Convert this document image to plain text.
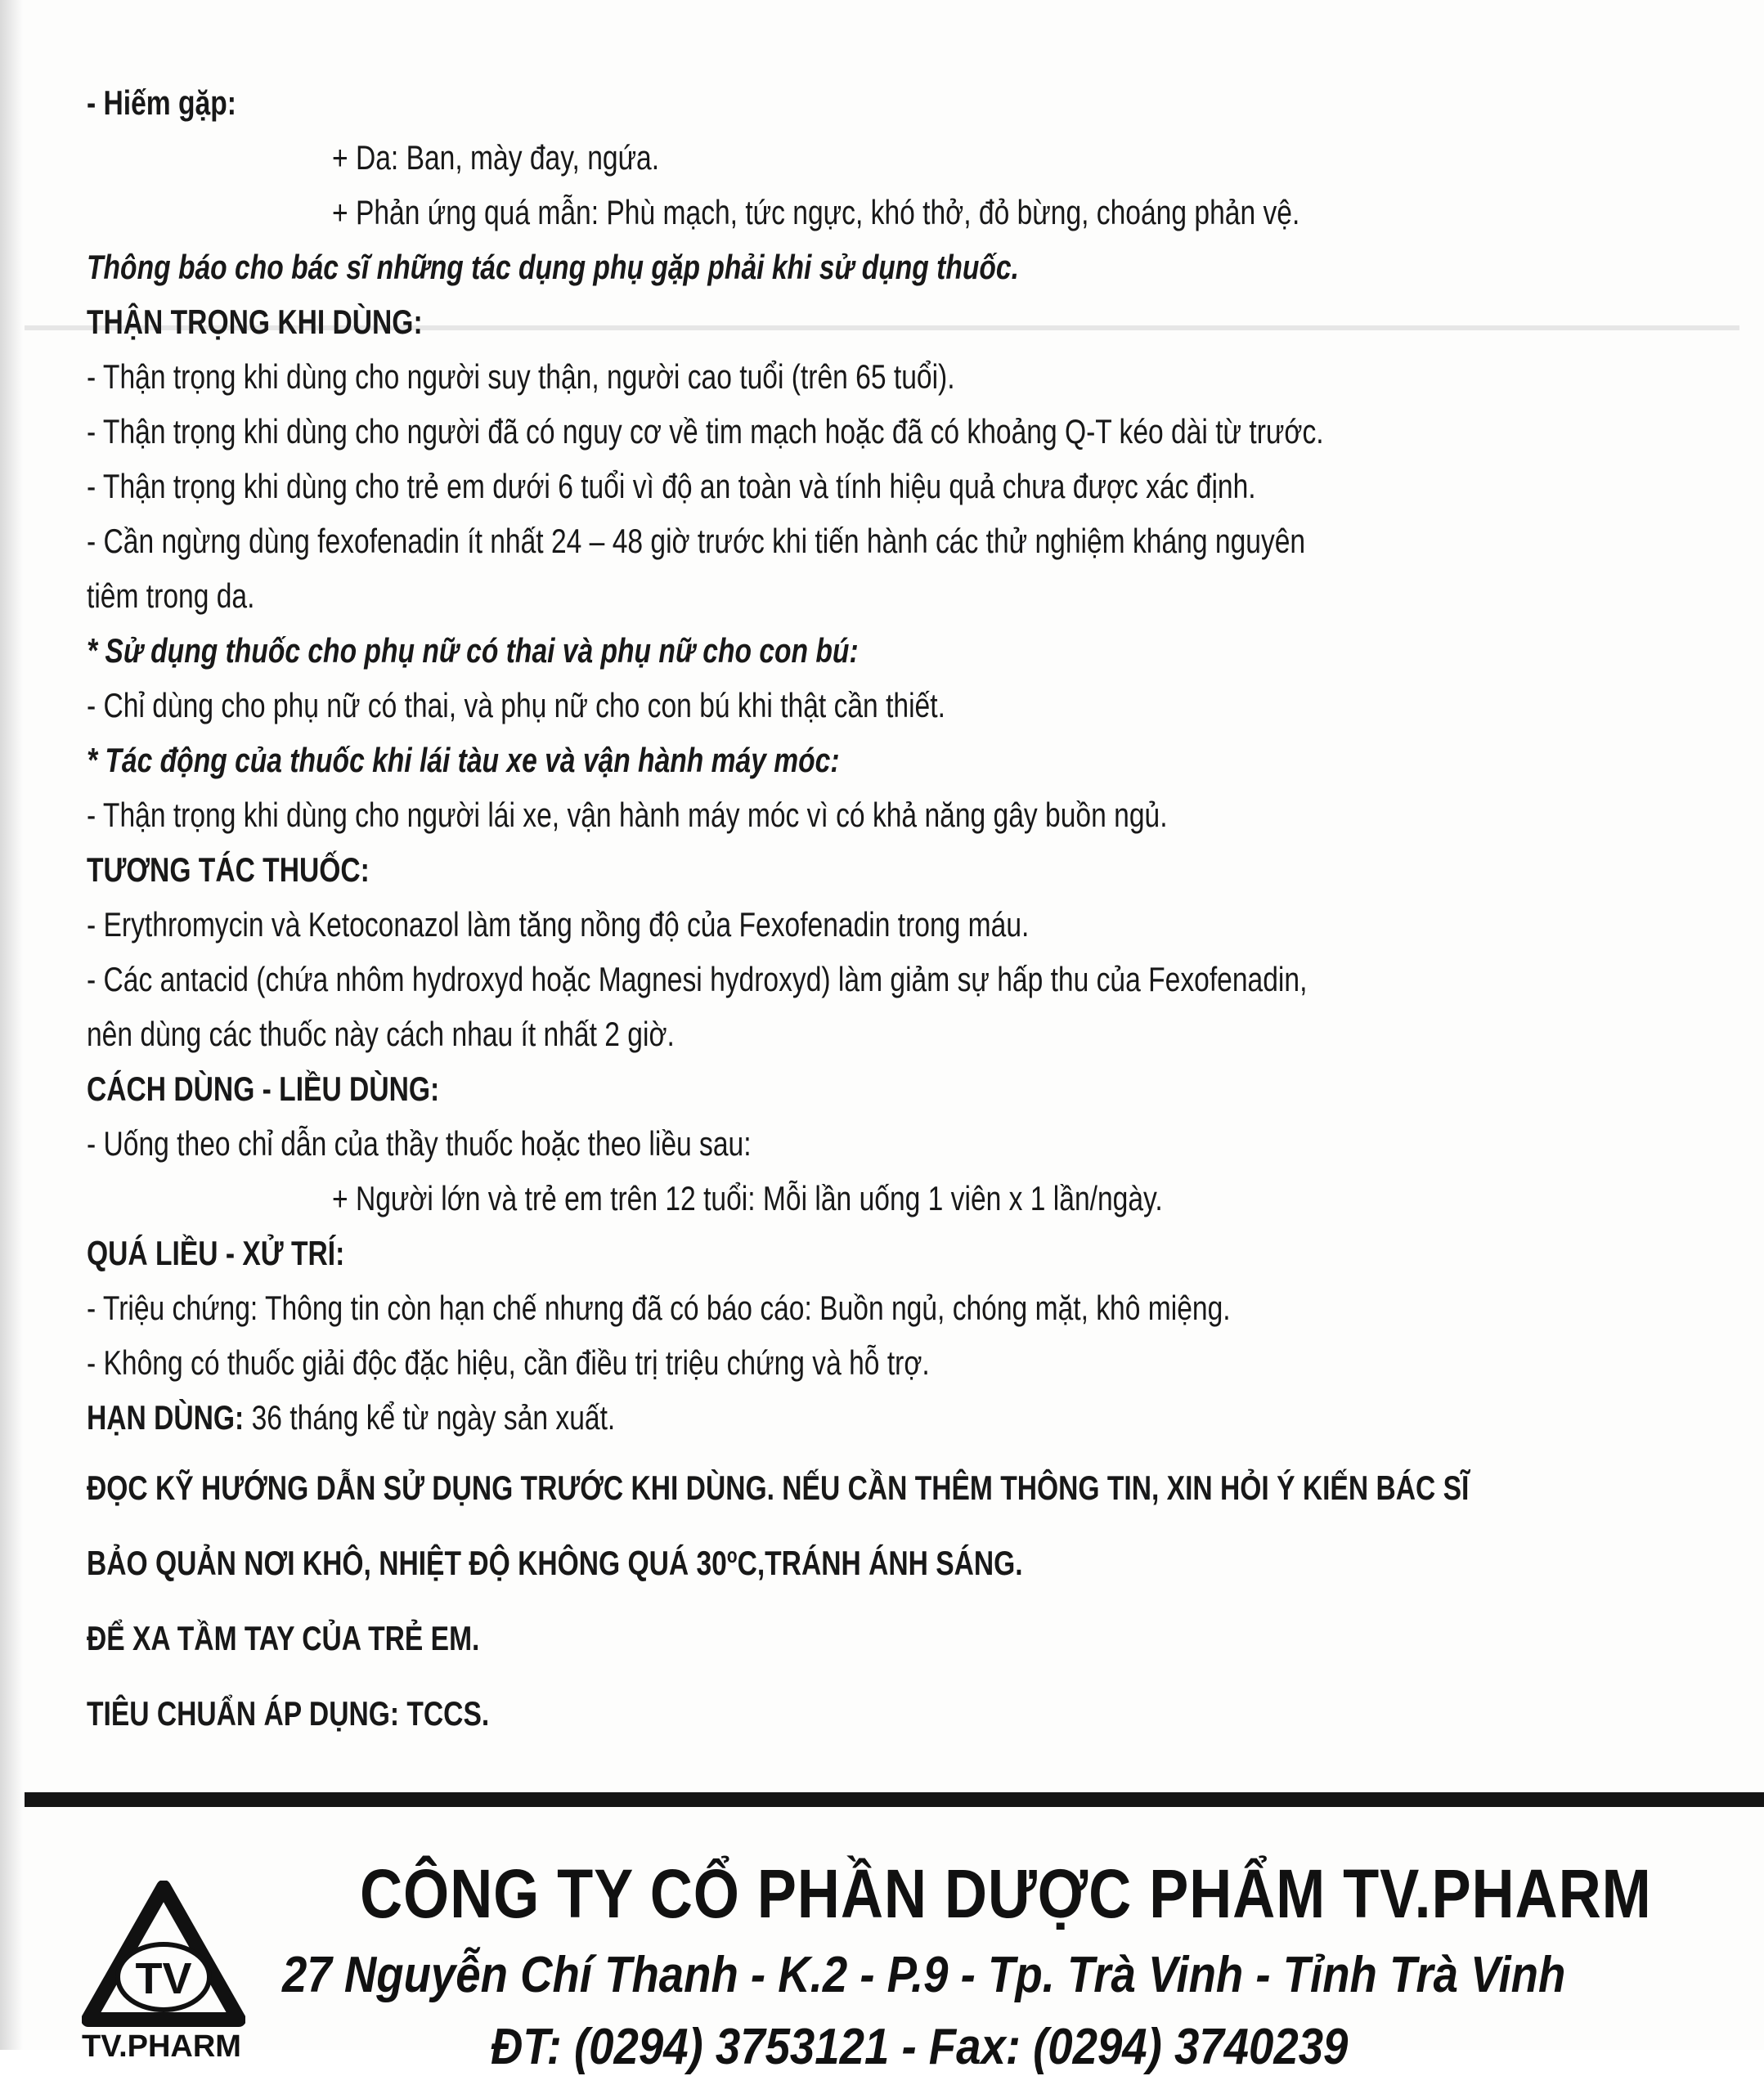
- Hiếm gặp:
+ Da: Ban, mày đay, ngứa.
+ Phản ứng quá mẫn: Phù mạch, tức ngực, khó thở, đỏ bừng, choáng phản vệ.
Thông báo cho bác sĩ những tác dụng phụ gặp phải khi sử dụng thuốc.
THẬN TRỌNG KHI DÙNG:
- Thận trọng khi dùng cho người suy thận, người cao tuổi (trên 65 tuổi).
- Thận trọng khi dùng cho người đã có nguy cơ về tim mạch hoặc đã có khoảng Q-T kéo dài từ trước.
- Thận trọng khi dùng cho trẻ em dưới 6 tuổi vì độ an toàn và tính hiệu quả chưa được xác định.
- Cần ngừng dùng fexofenadin ít nhất 24 – 48 giờ trước khi tiến hành các thử nghiệm kháng nguyên
tiêm trong da.
* Sử dụng thuốc cho phụ nữ có thai và phụ nữ cho con bú:
- Chỉ dùng cho phụ nữ có thai, và phụ nữ cho con bú khi thật cần thiết.
* Tác động của thuốc khi lái tàu xe và vận hành máy móc:
- Thận trọng khi dùng cho người lái xe, vận hành máy móc vì có khả năng gây buồn ngủ.
TƯƠNG TÁC THUỐC:
- Erythromycin và Ketoconazol làm tăng nồng độ của Fexofenadin trong máu.
- Các antacid (chứa nhôm hydroxyd hoặc Magnesi hydroxyd) làm giảm sự hấp thu của Fexofenadin,
nên dùng các thuốc này cách nhau ít nhất 2 giờ.
CÁCH DÙNG - LIỀU DÙNG:
- Uống theo chỉ dẫn của thầy thuốc hoặc theo liều sau:
+ Người lớn và trẻ em trên 12 tuổi: Mỗi lần uống 1 viên x 1 lần/ngày.
QUÁ LIỀU - XỬ TRÍ:
- Triệu chứng: Thông tin còn hạn chế nhưng đã có báo cáo: Buồn ngủ, chóng mặt, khô miệng.
- Không có thuốc giải độc đặc hiệu, cần điều trị triệu chứng và hỗ trợ.
HẠN DÙNG: 36 tháng kể từ ngày sản xuất.
ĐỌC KỸ HƯỚNG DẪN SỬ DỤNG TRƯỚC KHI DÙNG. NẾU CẦN THÊM THÔNG TIN, XIN HỎI Ý KIẾN BÁC SĨ
BẢO QUẢN NƠI KHÔ, NHIỆT ĐỘ KHÔNG QUÁ 30$^o$C,TRÁNH ÁNH SÁNG.
ĐỂ XA TẦM TAY CỦA TRẺ EM.
TIÊU CHUẨN ÁP DỤNG: TCCS.
TV
TV.PHARM
CÔNG TY CỔ PHẦN DƯỢC PHẨM TV.PHARM
27 Nguyễn Chí Thanh - K.2 - P.9 - Tp. Trà Vinh - Tỉnh Trà Vinh
ĐT: (0294) 3753121 - Fax: (0294) 3740239
